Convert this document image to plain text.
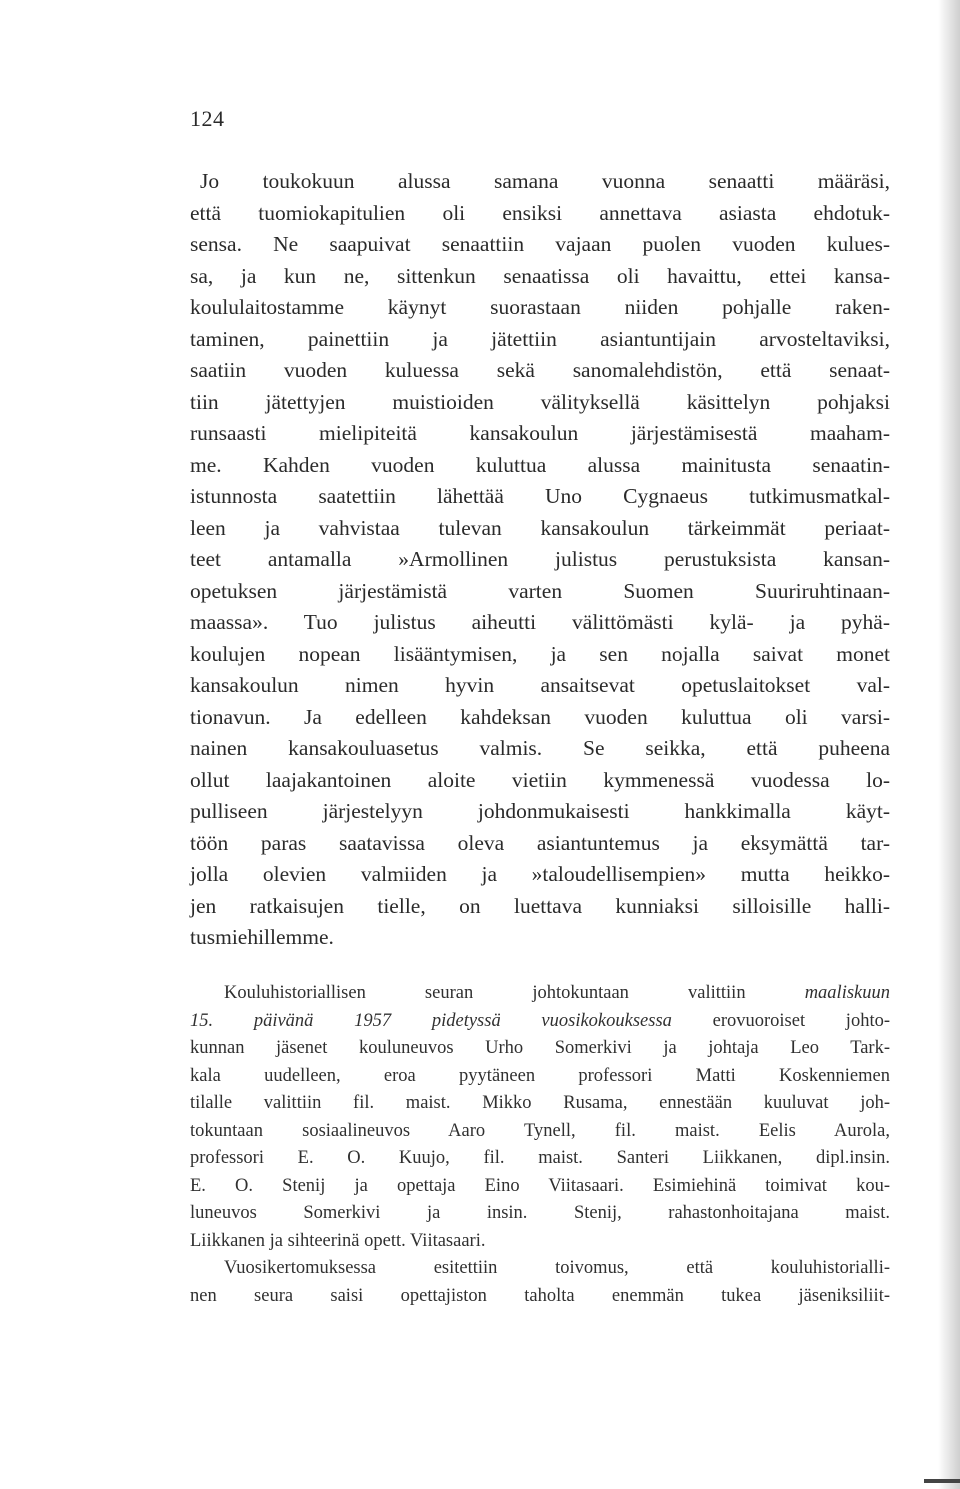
124
Jo toukokuun alussa samana vuonna senaatti määräsi,
että tuomiokapitulien oli ensiksi annettava asiasta ehdotuk-
sensa. Ne saapuivat senaattiin vajaan puolen vuoden kulues-
sa, ja kun ne, sittenkun senaatissa oli havaittu, ettei kansa-
koululaitostamme käynyt suorastaan niiden pohjalle raken-
taminen, painettiin ja jätettiin asiantuntijain arvosteltaviksi,
saatiin vuoden kuluessa sekä sanomalehdistön, että senaat-
tiin jätettyjen muistioiden välityksellä käsittelyn pohjaksi
runsaasti mielipiteitä kansakoulun järjestämisestä maaham-
me. Kahden vuoden kuluttua alussa mainitusta senaatin-
istunnosta saatettiin lähettää Uno Cygnaeus tutkimusmatkal-
leen ja vahvistaa tulevan kansakoulun tärkeimmät periaat-
teet antamalla »Armollinen julistus perustuksista kansan-
opetuksen järjestämistä varten Suomen Suuriruhtinaan-
maassa». Tuo julistus aiheutti välittömästi kylä- ja pyhä-
koulujen nopean lisääntymisen, ja sen nojalla saivat monet
kansakoulun nimen hyvin ansaitsevat opetuslaitokset val-
tionavun. Ja edelleen kahdeksan vuoden kuluttua oli varsi-
nainen kansakouluasetus valmis. Se seikka, että puheena
ollut laajakantoinen aloite vietiin kymmenessä vuodessa lo-
pulliseen järjestelyyn johdonmukaisesti hankkimalla käyt-
töön paras saatavissa oleva asiantuntemus ja eksymättä tar-
jolla olevien valmiiden ja »taloudellisempien» mutta heikko-
jen ratkaisujen tielle, on luettava kunniaksi silloisille halli-
tusmiehillemme.
Kouluhistoriallisen seuran johtokuntaan valittiin	maaliskuun
15. päivänä 1957 pidetyssä vuosikokouksessa erovuoroiset johto-
kunnan jäsenet kouluneuvos Urho Somerkivi ja johtaja Leo Tark-
kala uudelleen, eroa pyytäneen professori Matti Koskenniemen
tilalle valittiin fil. maist. Mikko Rusama, ennestään kuuluvat joh-
tokuntaan sosiaalineuvos Aaro Tynell, fil. maist. Eelis Aurola,
professori E. O. Kuujo, fil. maist. Santeri Liikkanen, dipl.insin.
E. O. Stenij ja opettaja Eino Viitasaari. Esimiehinä toimivat kou-
luneuvos Somerkivi ja insin. Stenij, rahastonhoitajana maist.
Liikkanen ja sihteerinä opett. Viitasaari.
Vuosikertomuksessa esitettiin toivomus, että kouluhistorialli-
nen seura saisi opettajiston taholta enemmän tukea jäseniksiliit-
